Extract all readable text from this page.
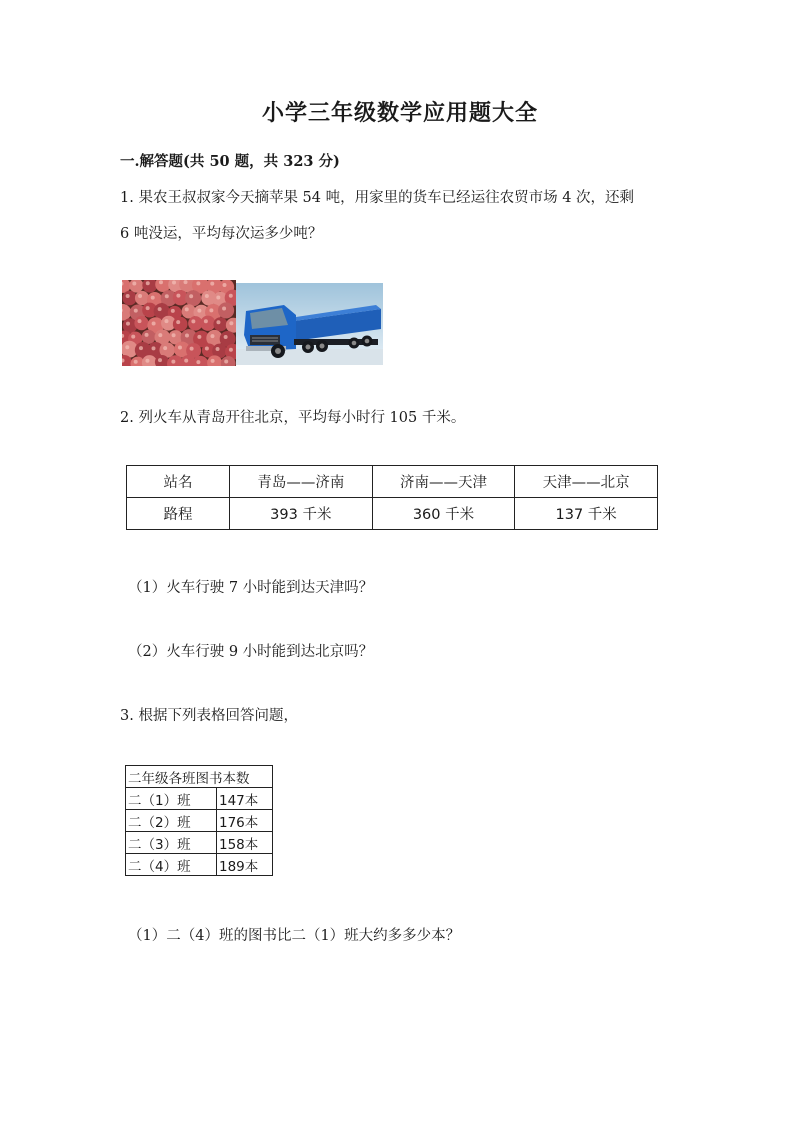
小学三年级数学应用题大全
一.解答题(共 50 题，共 323 分)
1. 果农王叔叔家今天摘苹果 54 吨，用家里的货车已经运往农贸市场 4 次，还剩
6 吨没运，平均每次运多少吨？
2. 列火车从青岛开往北京，平均每小时行 105 千米。
站名	青岛——济南	济南——天津	天津——北京
路程	393 千米	360 千米	137 千米
（1）火车行驶 7 小时能到达天津吗？
（2）火车行驶 9 小时能到达北京吗？
3. 根据下列表格回答问题，
二年级各班图书本数	
二（1）班	147本
二（2）班	176本
二（3）班	158本
二（4）班	189本
（1）二（4）班的图书比二（1）班大约多多少本？
